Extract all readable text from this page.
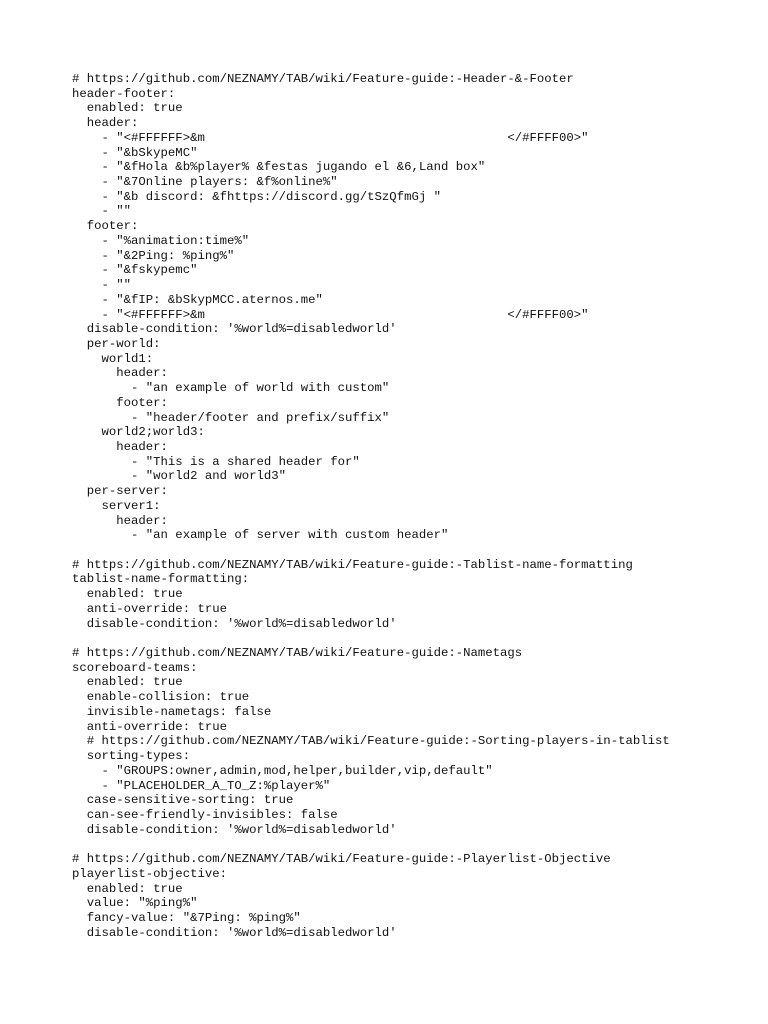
# https://github.com/NEZNAMY/TAB/wiki/Feature-guide:-Header-&-Footer
header-footer:
enabled: true
header:
- "<#FFFFFF>&m                                         </#FFFF00>"
- "&bSkypeMC"
- "&fHola &b%player% &festas jugando el &6,Land box"
- "&7Online players: &f%online%"
- "&b discord: &fhttps://discord.gg/tSzQfmGj "
- ""
footer:
- "%animation:time%"
- "&2Ping: %ping%"
- "&fskypemc"
- ""
- "&fIP: &bSkypMCC.aternos.me"
- "<#FFFFFF>&m                                         </#FFFF00>"
disable-condition: '%world%=disabledworld'
per-world:
world1:
header:
- "an example of world with custom"
footer:
- "header/footer and prefix/suffix"
world2;world3:
header:
- "This is a shared header for"
- "world2 and world3"
per-server:
server1:
header:
- "an example of server with custom header"
# https://github.com/NEZNAMY/TAB/wiki/Feature-guide:-Tablist-name-formatting
tablist-name-formatting:
enabled: true
anti-override: true
disable-condition: '%world%=disabledworld'
# https://github.com/NEZNAMY/TAB/wiki/Feature-guide:-Nametags
scoreboard-teams:
enabled: true
enable-collision: true
invisible-nametags: false
anti-override: true
# https://github.com/NEZNAMY/TAB/wiki/Feature-guide:-Sorting-players-in-tablist
sorting-types:
- "GROUPS:owner,admin,mod,helper,builder,vip,default"
- "PLACEHOLDER_A_TO_Z:%player%"
case-sensitive-sorting: true
can-see-friendly-invisibles: false
disable-condition: '%world%=disabledworld'
# https://github.com/NEZNAMY/TAB/wiki/Feature-guide:-Playerlist-Objective
playerlist-objective:
enabled: true
value: "%ping%"
fancy-value: "&7Ping: %ping%"
disable-condition: '%world%=disabledworld'
